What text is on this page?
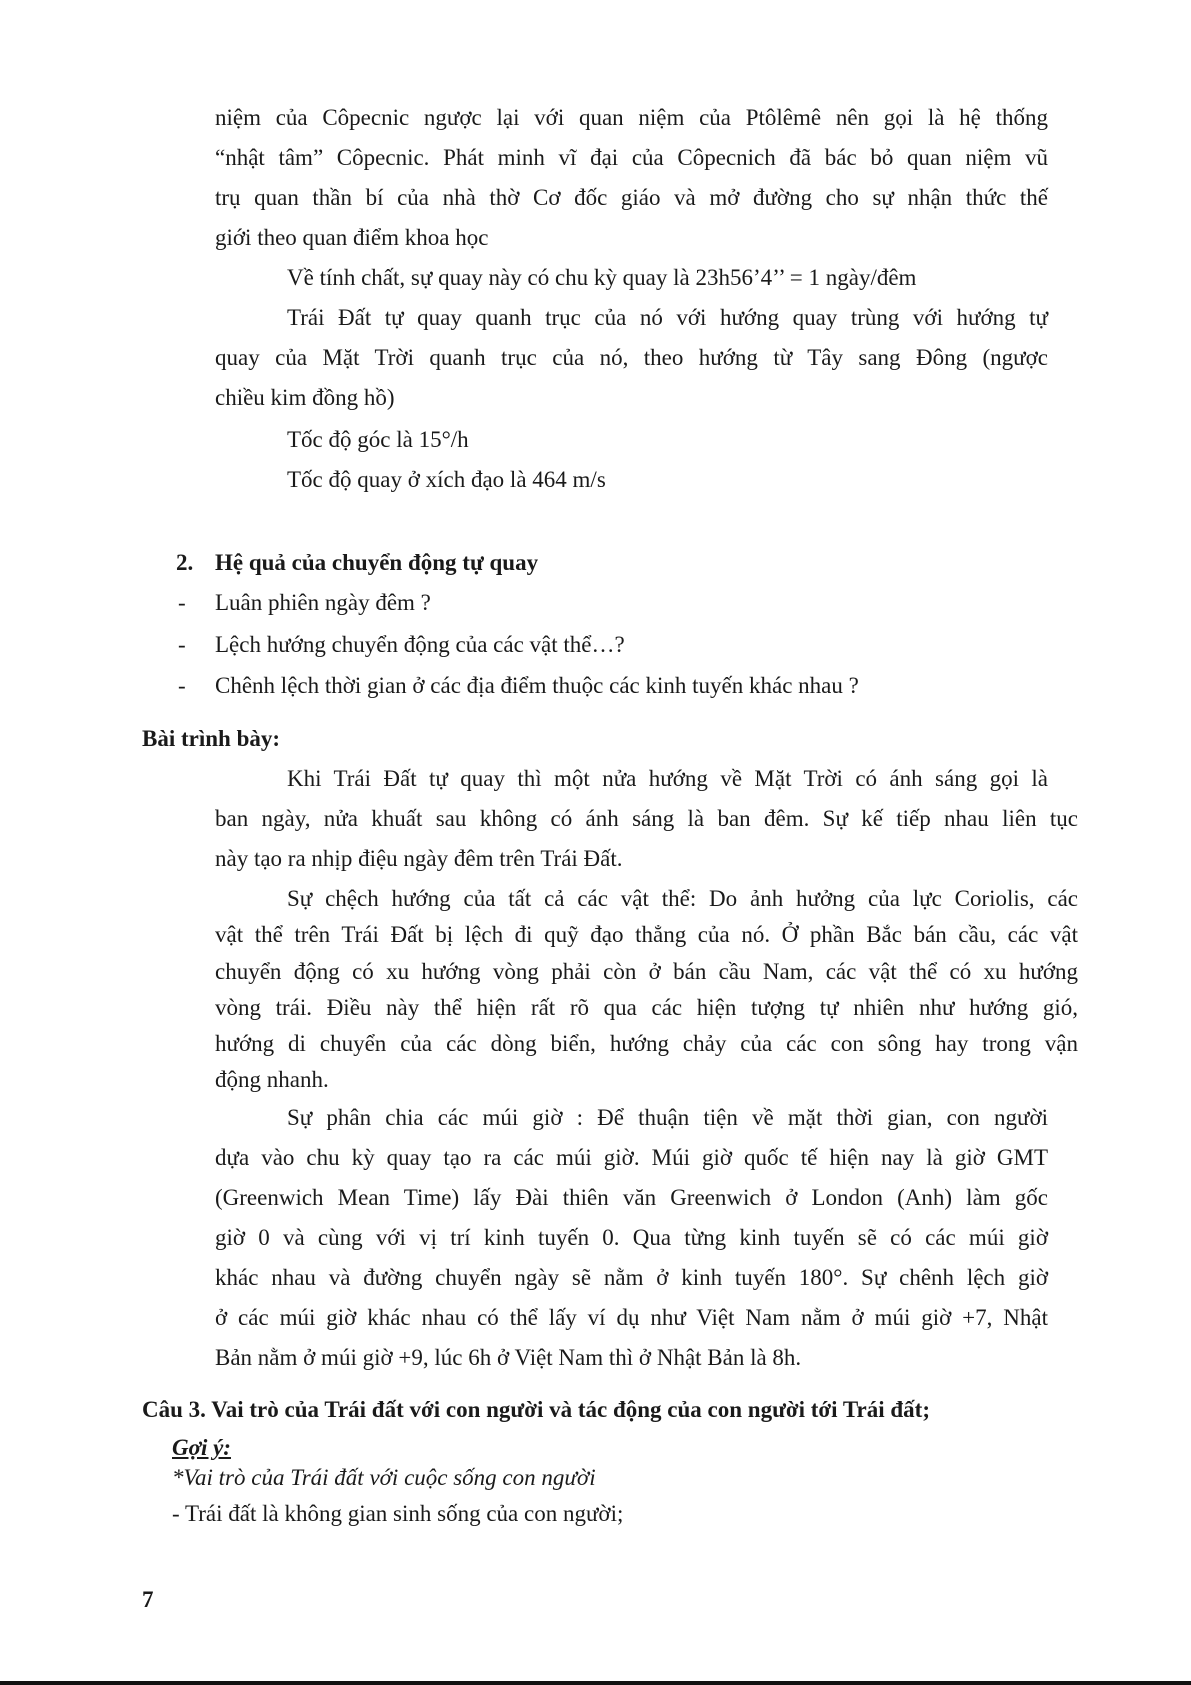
niệm của Côpecnic ngược lại với quan niệm của Ptôlêmê nên gọi là hệ thống

“nhật tâm” Côpecnic. Phát minh vĩ đại của Côpecnich đã bác bỏ quan niệm vũ

trụ quan thần bí của nhà thờ Cơ đốc giáo và mở đường cho sự nhận thức thế

giới theo quan điểm khoa học

Về tính chất, sự quay này có chu kỳ quay là 23h56’4’’ = 1 ngày/đêm

Trái Đất tự quay quanh trục của nó với hướng quay trùng với hướng tự

quay của Mặt Trời quanh trục của nó, theo hướng từ Tây sang Đông (ngược

chiều kim đồng hồ)

Tốc độ góc là 15°/h

Tốc độ quay ở xích đạo là 464 m/s

2. Hệ quả của chuyển động tự quay

- Luân phiên ngày đêm ?

- Lệch hướng chuyển động của các vật thể…?

- Chênh lệch thời gian ở các địa điểm thuộc các kinh tuyến khác nhau ?

Bài trình bày:

Khi Trái Đất tự quay thì một nửa hướng về Mặt Trời có ánh sáng gọi là

ban ngày, nửa khuất sau không có ánh sáng là ban đêm. Sự kế tiếp nhau liên tục

này tạo ra nhịp điệu ngày đêm trên Trái Đất.

Sự chệch hướng của tất cả các vật thể: Do ảnh hưởng của lực Coriolis, các

vật thể trên Trái Đất bị lệch đi quỹ đạo thẳng của nó. Ở phần Bắc bán cầu, các vật

chuyển động có xu hướng vòng phải còn ở bán cầu Nam, các vật thể có xu hướng

vòng trái. Điều này thể hiện rất rõ qua các hiện tượng tự nhiên như hướng gió,

hướng di chuyển của các dòng biển, hướng chảy của các con sông hay trong vận

động nhanh.

Sự phân chia các múi giờ : Để thuận tiện về mặt thời gian, con người

dựa vào chu kỳ quay tạo ra các múi giờ. Múi giờ quốc tế hiện nay là giờ GMT

(Greenwich Mean Time) lấy Đài thiên văn Greenwich ở London (Anh) làm gốc

giờ 0 và cùng với vị trí kinh tuyến 0. Qua từng kinh tuyến sẽ có các múi giờ

khác nhau và đường chuyển ngày sẽ nằm ở kinh tuyến 180°. Sự chênh lệch giờ

ở các múi giờ khác nhau có thể lấy ví dụ như Việt Nam nằm ở múi giờ +7, Nhật

Bản nằm ở múi giờ +9, lúc 6h ở Việt Nam thì ở Nhật Bản là 8h.

Câu 3. Vai trò của Trái đất với con người và tác động của con người tới Trái đất;

Gợi ý:

*Vai trò của Trái đất với cuộc sống con người

- Trái đất là không gian sinh sống của con người;

7
